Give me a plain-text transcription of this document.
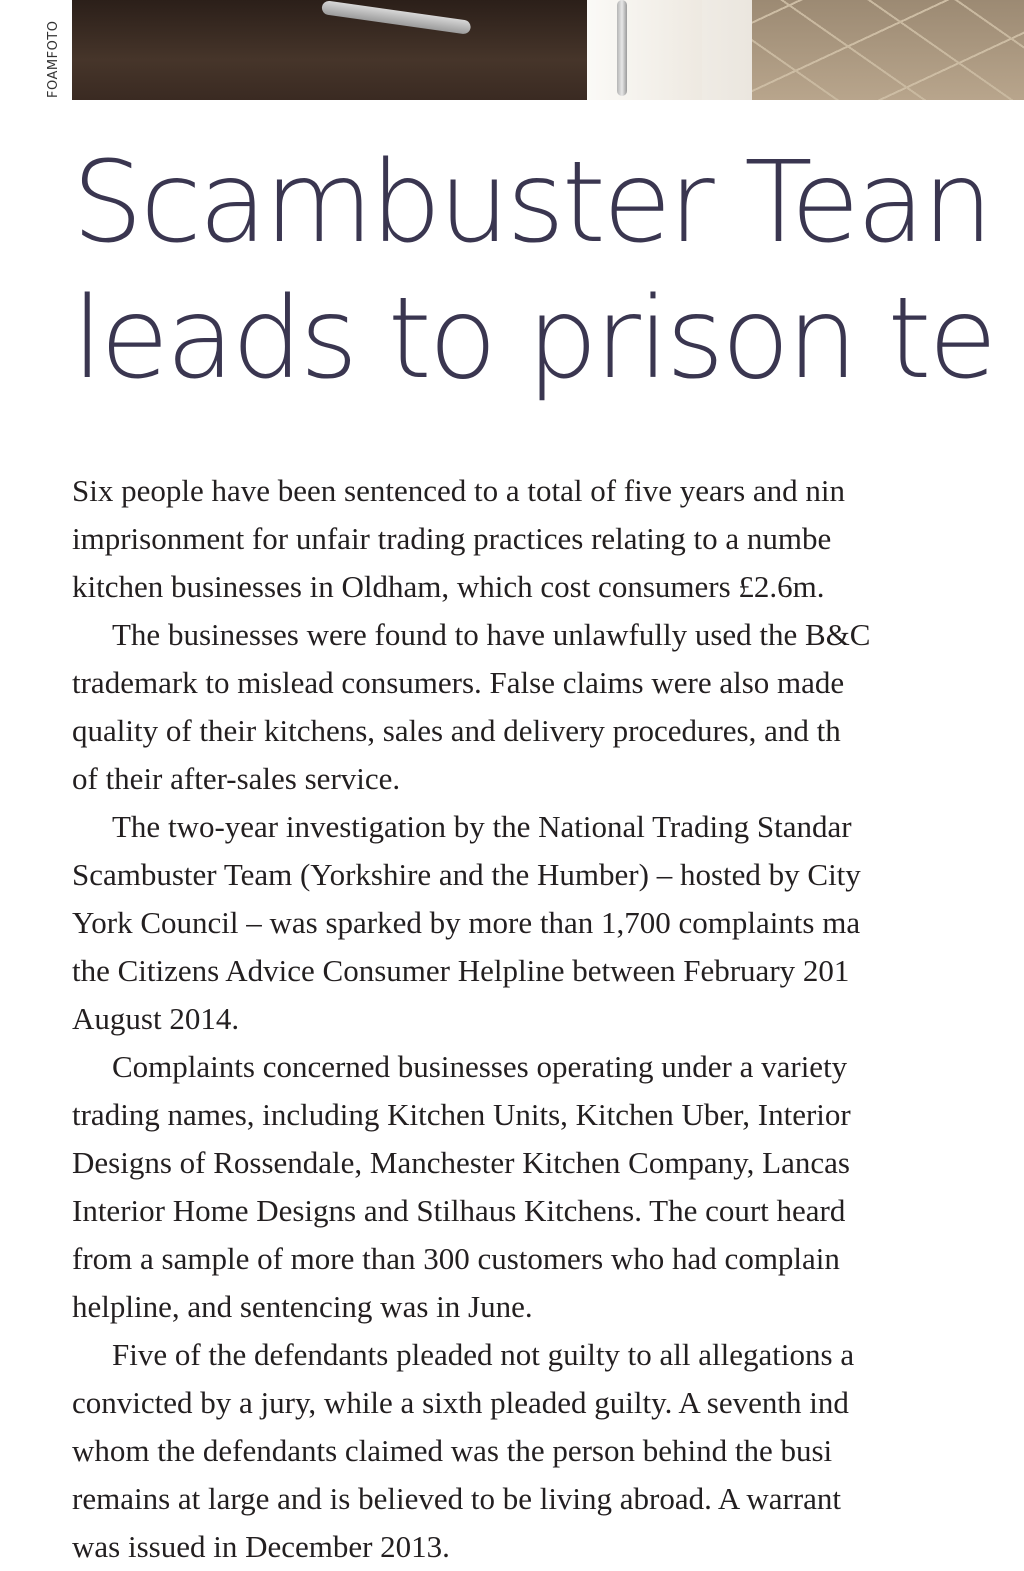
FOAMFOTO
Scambuster Tean
leads to prison te

Six people have been sentenced to a total of five years and nin
imprisonment for unfair trading practices relating to a numbe
kitchen businesses in Oldham, which cost consumers £2.6m.

The businesses were found to have unlawfully used the B&C
trademark to mislead consumers. False claims were also made
quality of their kitchens, sales and delivery procedures, and th
of their after-sales service.

The two-year investigation by the National Trading Standar
Scambuster Team (Yorkshire and the Humber) – hosted by City
York Council – was sparked by more than 1,700 complaints ma
the Citizens Advice Consumer Helpline between February 201
August 2014.

Complaints concerned businesses operating under a variety
trading names, including Kitchen Units, Kitchen Uber, Interior
Designs of Rossendale, Manchester Kitchen Company, Lancas
Interior Home Designs and Stilhaus Kitchens. The court heard
from a sample of more than 300 customers who had complain
helpline, and sentencing was in June.

Five of the defendants pleaded not guilty to all allegations a
convicted by a jury, while a sixth pleaded guilty. A seventh ind
whom the defendants claimed was the person behind the busi
remains at large and is believed to be living abroad. A warrant
was issued in December 2013.
